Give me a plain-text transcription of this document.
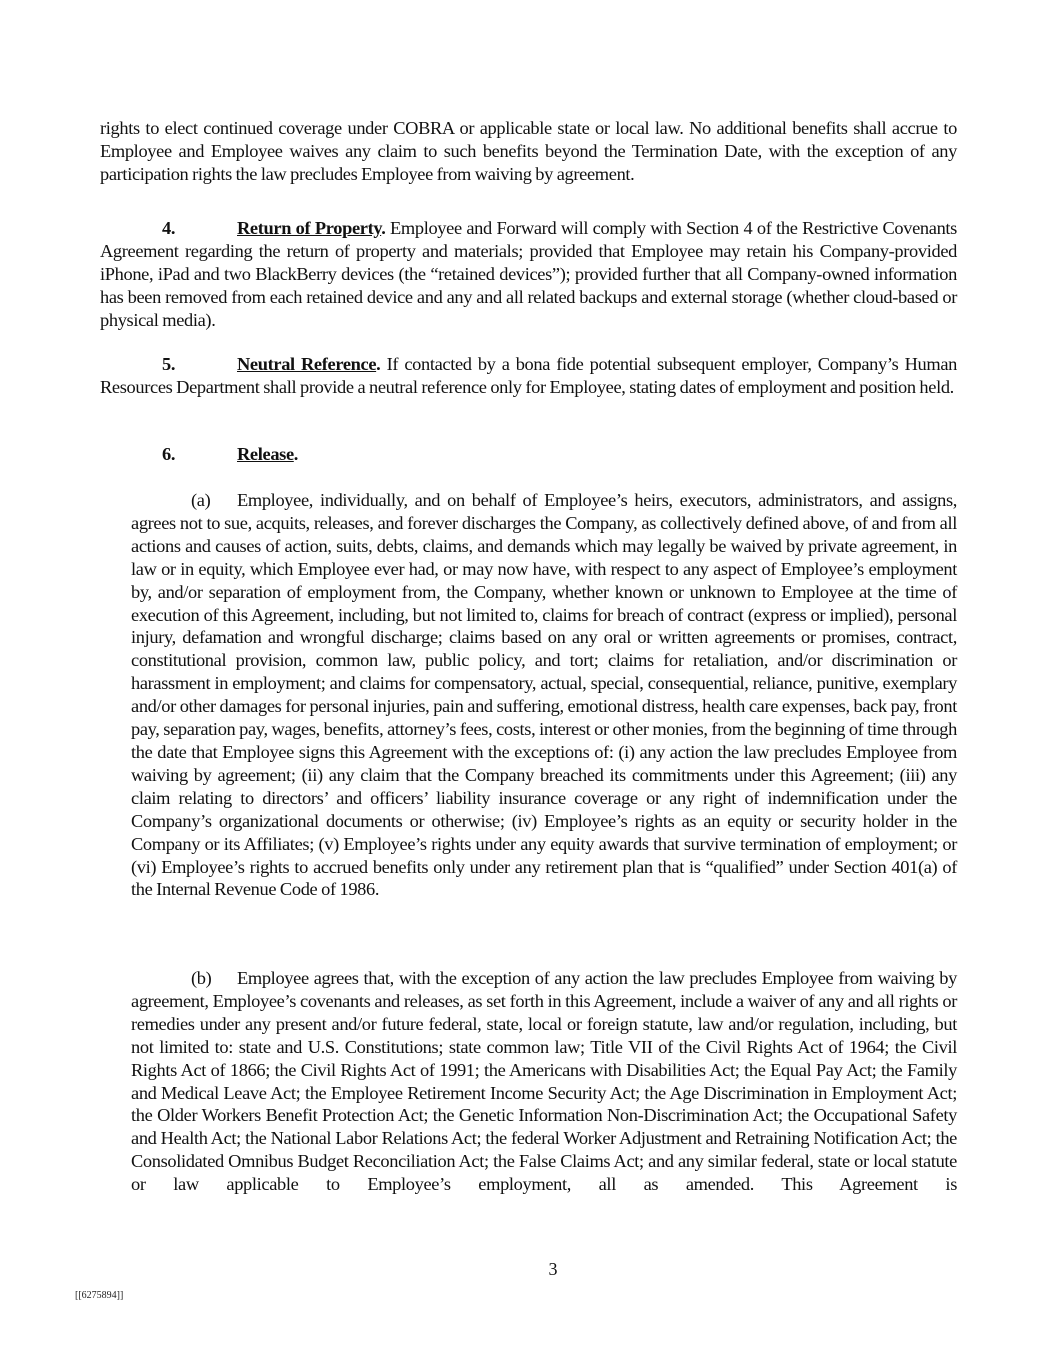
rights to elect continued coverage under COBRA or applicable state or local law. No additional benefits shall accrue to Employee and Employee waives any claim to such benefits beyond the Termination Date, with the exception of any participation rights the law precludes Employee from waiving by agreement.

4.	Return of Property. Employee and Forward will comply with Section 4 of the Restrictive Covenants Agreement regarding the return of property and materials; provided that Employee may retain his Company-provided iPhone, iPad and two BlackBerry devices (the “retained devices”); provided further that all Company-owned information has been removed from each retained device and any and all related backups and external storage (whether cloud-based or physical media).

5.	Neutral Reference. If contacted by a bona fide potential subsequent employer, Company’s Human Resources Department shall provide a neutral reference only for Employee, stating dates of employment and position held.

6.	Release.

(a) Employee, individually, and on behalf of Employee’s heirs, executors, administrators, and assigns, agrees not to sue, acquits, releases, and forever discharges the Company, as collectively defined above, of and from all actions and causes of action, suits, debts, claims, and demands which may legally be waived by private agreement, in law or in equity, which Employee ever had, or may now have, with respect to any aspect of Employee’s employment by, and/or separation of employment from, the Company, whether known or unknown to Employee at the time of execution of this Agreement, including, but not limited to, claims for breach of contract (express or implied), personal injury, defamation and wrongful discharge; claims based on any oral or written agreements or promises, contract, constitutional provision, common law, public policy, and tort; claims for retaliation, and/or discrimination or harassment in employment; and claims for compensatory, actual, special, consequential, reliance, punitive, exemplary and/or other damages for personal injuries, pain and suffering, emotional distress, health care expenses, back pay, front pay, separation pay, wages, benefits, attorney’s fees, costs, interest or other monies, from the beginning of time through the date that Employee signs this Agreement with the exceptions of: (i) any action the law precludes Employee from waiving by agreement; (ii) any claim that the Company breached its commitments under this Agreement; (iii) any claim relating to directors’ and officers’ liability insurance coverage or any right of indemnification under the Company’s organizational documents or otherwise; (iv) Employee’s rights as an equity or security holder in the Company or its Affiliates; (v) Employee’s rights under any equity awards that survive termination of employment; or (vi) Employee’s rights to accrued benefits only under any retirement plan that is “qualified” under Section 401(a) of the Internal Revenue Code of 1986.

(b) Employee agrees that, with the exception of any action the law precludes Employee from waiving by agreement, Employee’s covenants and releases, as set forth in this Agreement, include a waiver of any and all rights or remedies under any present and/or future federal, state, local or foreign statute, law and/or regulation, including, but not limited to: state and U.S. Constitutions; state common law; Title VII of the Civil Rights Act of 1964; the Civil Rights Act of 1866; the Civil Rights Act of 1991; the Americans with Disabilities Act; the Equal Pay Act; the Family and Medical Leave Act; the Employee Retirement Income Security Act; the Age Discrimination in Employment Act; the Older Workers Benefit Protection Act; the Genetic Information Non-Discrimination Act; the Occupational Safety and Health Act; the National Labor Relations Act; the federal Worker Adjustment and Retraining Notification Act; the Consolidated Omnibus Budget Reconciliation Act; the False Claims Act; and any similar federal, state or local statute or law applicable to Employee’s employment, all as amended. This Agreement is

3
[[6275894]]
